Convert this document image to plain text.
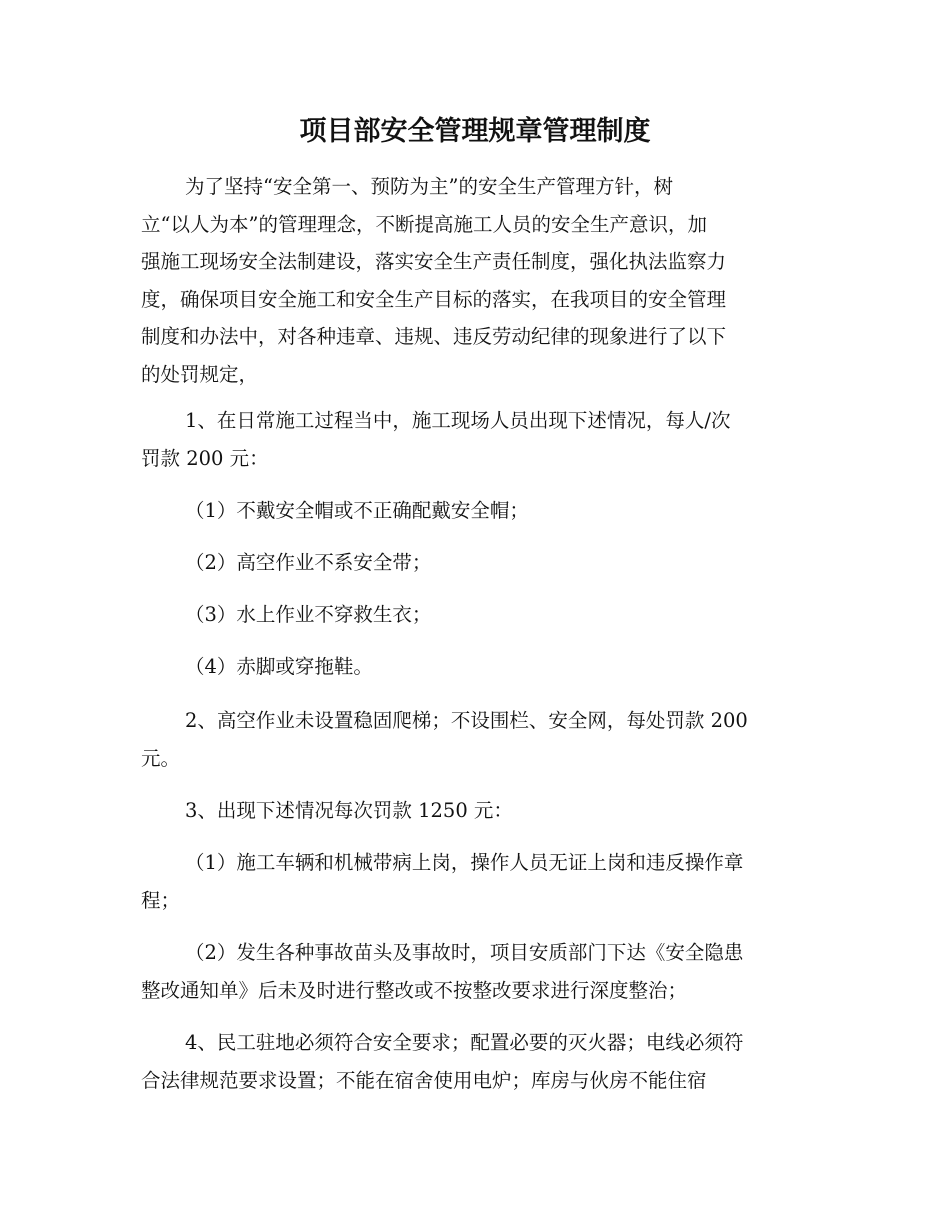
项目部安全管理规章管理制度

为了坚持“安全第一、预防为主”的安全生产管理方针，树
立“以人为本”的管理理念，不断提高施工人员的安全生产意识，加
强施工现场安全法制建设，落实安全生产责任制度，强化执法监察力
度，确保项目安全施工和安全生产目标的落实，在我项目的安全管理
制度和办法中，对各种违章、违规、违反劳动纪律的现象进行了以下
的处罚规定，

1、在日常施工过程当中，施工现场人员出现下述情况，每人/次
罚款 200 元：

（1）不戴安全帽或不正确配戴安全帽；

（2）高空作业不系安全带；

（3）水上作业不穿救生衣；

（4）赤脚或穿拖鞋。

2、高空作业未设置稳固爬梯；不设围栏、安全网，每处罚款 200
元。

3、出现下述情况每次罚款 1250 元：

（1）施工车辆和机械带病上岗，操作人员无证上岗和违反操作章
程；

（2）发生各种事故苗头及事故时，项目安质部门下达《安全隐患
整改通知单》后未及时进行整改或不按整改要求进行深度整治；

4、民工驻地必须符合安全要求；配置必要的灭火器；电线必须符
合法律规范要求设置；不能在宿舍使用电炉；库房与伙房不能住宿
